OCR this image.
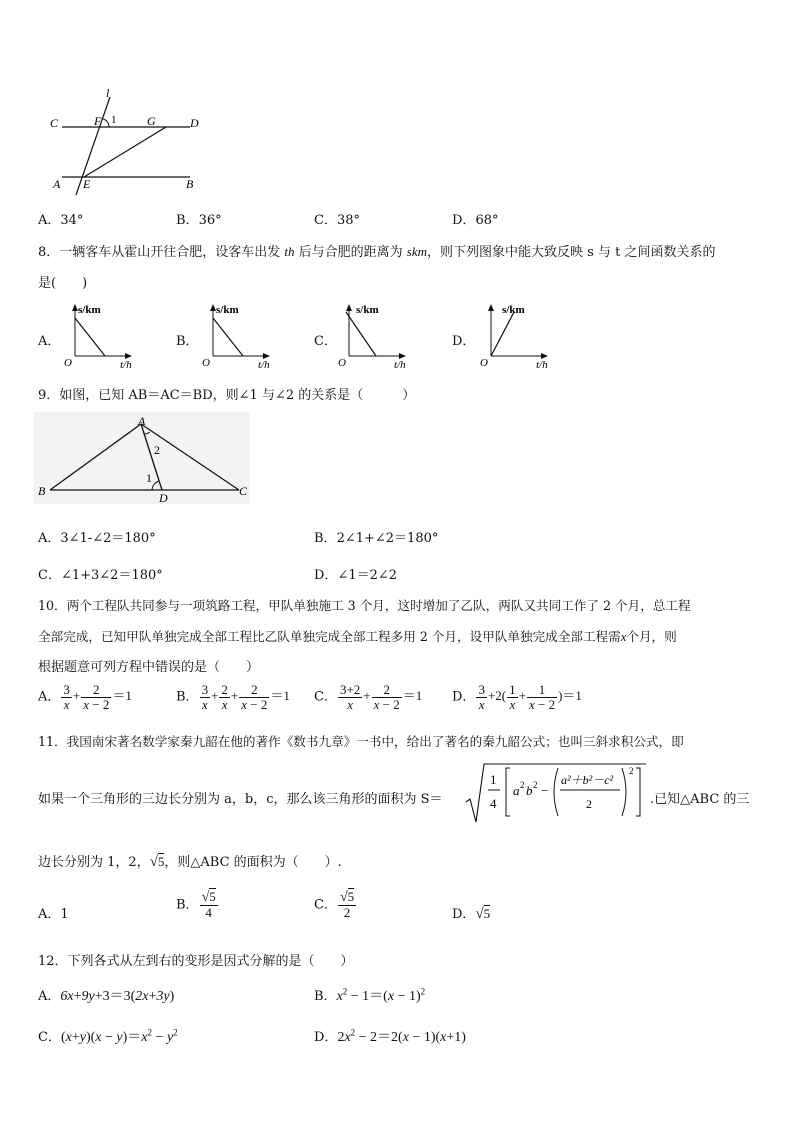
l
C	F 1	G	D
A E	B
A．34°	B．36°	C．38°	D．68°
8．一辆客车从霍山开往合肥，设客车出发 th 后与合肥的距离为 skm，则下列图象中能大致反映 s 与 t 之间函数关系的
是(　　)
A．
s/km
O	t/h
B．
s/km
O	t/h
C．
s/km
O	t/h
D．
s/km
O	t/h
9．如图，已知 AB＝AC＝BD，则∠1 与∠2 的关系是（　　　）
A
2
1
B	D	C
A．3∠1-∠2＝180°	B．2∠1+∠2＝180°
C．∠1+3∠2＝180°	D．∠1＝2∠2
10．两个工程队共同参与一项筑路工程，甲队单独施工 3 个月，这时增加了乙队，两队又共同工作了 2 个月，总工程
全部完成，已知甲队单独完成全部工程比乙队单独完成全部工程多用 2 个月，设甲队单独完成全部工程需x个月，则
根据题意可列方程中错误的是（　　）
A． $\frac{3}{x} + \frac{2}{x - 2} =1$	B． $\frac{3}{x} + \frac{2}{x} + \frac{2}{x - 2} =1$ C． $\frac{3+2}{x} + \frac{2}{x - 2} =1$ D． $\frac{3}{x} +2( \frac{1}{x} + \frac{1}{x - 2} )=1$
11．我国南宋著名数学家秦九韶在他的著作《数书九章》一书中，给出了著名的秦九韶公式；也叫三斜求积公式，即
如果一个三角形的三边长分别为 a，b，c，那么该三角形的面积为 S＝
1
4
a 2 b 2 −
a²＋b²－c²
2
2
.已知△ABC 的三
边长分别为 1，2，√5，则△ABC 的面积为（　　）.
A．1
B． $\frac{√5}{4}$	C． $\frac{√5}{2}$	D．√5
12．下列各式从左到右的变形是因式分解的是（　　）
A．6x+9y+3＝3(2x+3y)	B．$x^2 - 1=(x - 1)^2$
C．$(x+y)(x - y)=x^2 - y^2$	D．$2x^2 - 2=2(x - 1)(x+1)$
